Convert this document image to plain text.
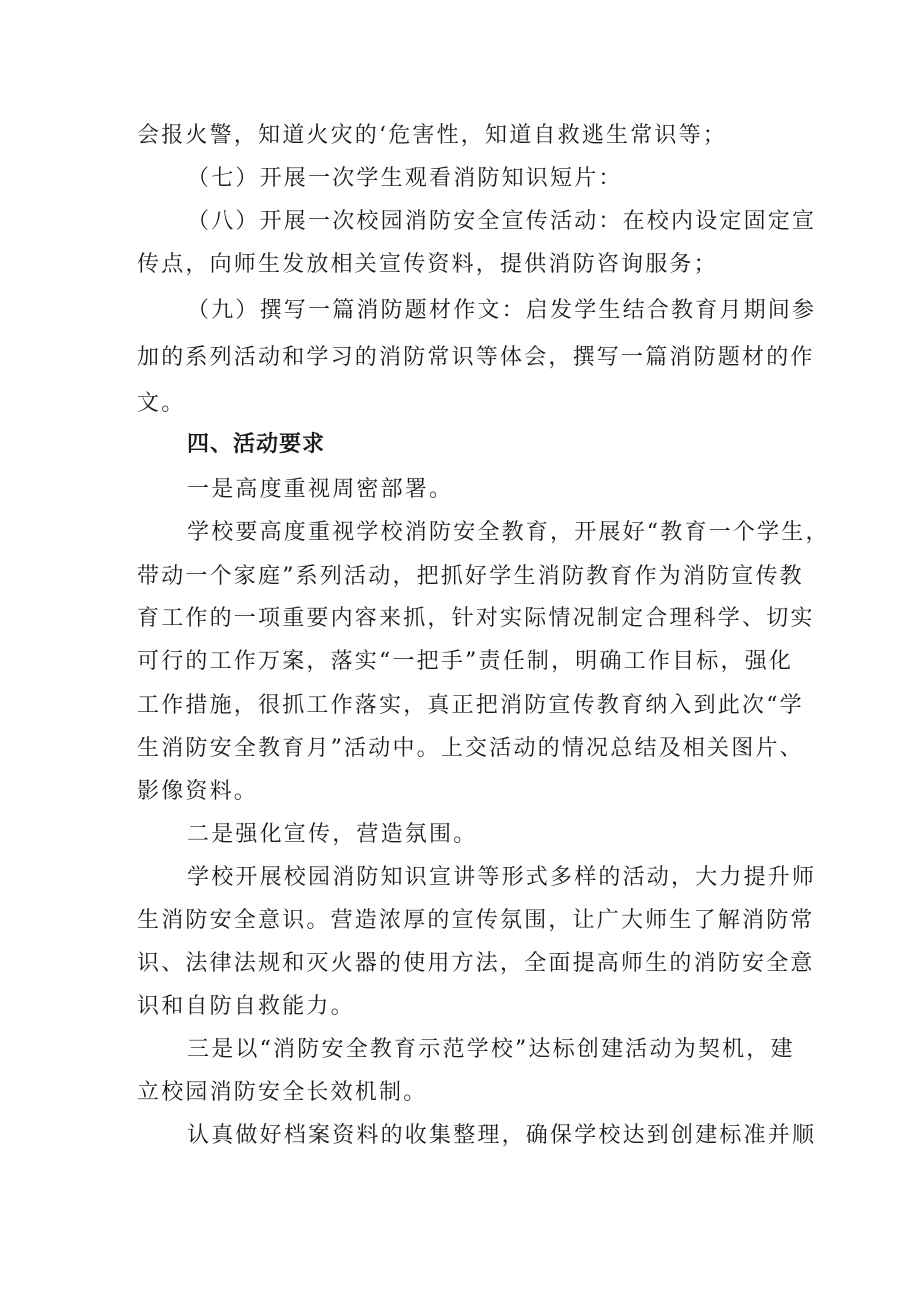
会报火警，知道火灾的‘危害性，知道自救逃生常识等；

（七）开展一次学生观看消防知识短片：

（八）开展一次校园消防安全宣传活动：在校内设定固定宣

传点，向师生发放相关宣传资料，提供消防咨询服务；

（九）撰写一篇消防题材作文：启发学生结合教育月期间参

加的系列活动和学习的消防常识等体会，撰写一篇消防题材的作

文。

四、活动要求

一是高度重视周密部署。

学校要高度重视学校消防安全教育，开展好“教育一个学生，

带动一个家庭”系列活动，把抓好学生消防教育作为消防宣传教

育工作的一项重要内容来抓，针对实际情况制定合理科学、切实

可行的工作万案，落实“一把手”责任制，明确工作目标，强化

工作措施，很抓工作落实，真正把消防宣传教育纳入到此次“学

生消防安全教育月”活动中。上交活动的情况总结及相关图片、

影像资料。

二是强化宣传，营造氛围。

学校开展校园消防知识宣讲等形式多样的活动，大力提升师

生消防安全意识。营造浓厚的宣传氛围，让广大师生了解消防常

识、法律法规和灭火器的使用方法，全面提高师生的消防安全意

识和自防自救能力。

三是以“消防安全教育示范学校”达标创建活动为契机，建

立校园消防安全长效机制。

认真做好档案资料的收集整理，确保学校达到创建标准并顺
